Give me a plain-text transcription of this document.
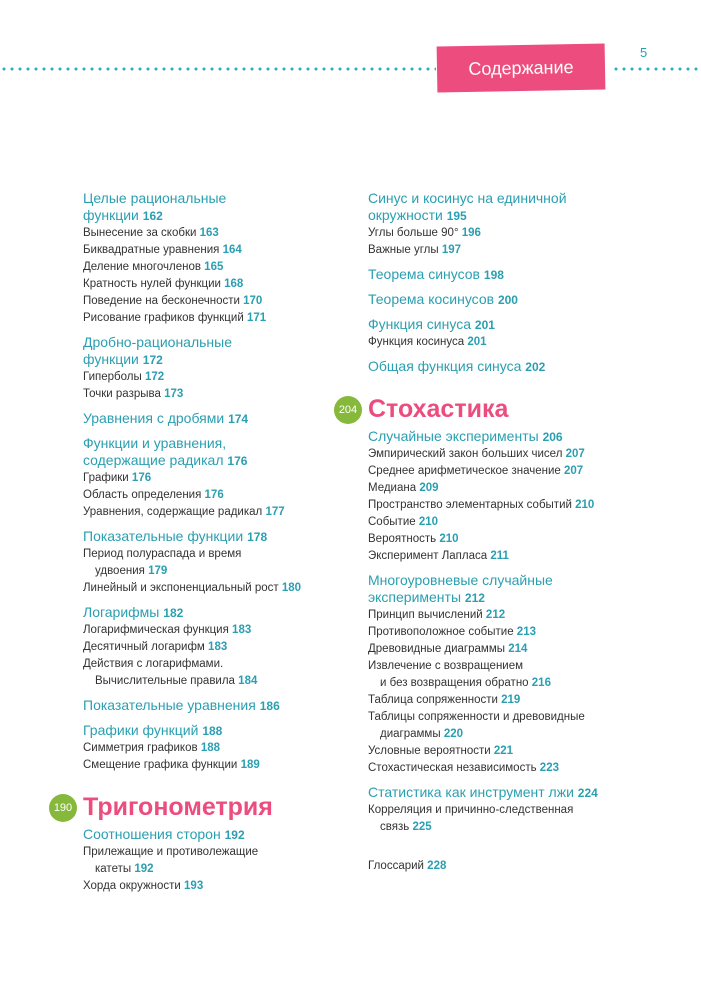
Содержание
5
Целые рациональные
функции 162
Вынесение за скобки 163
Биквадратные уравнения 164
Деление многочленов 165
Кратность нулей функции 168
Поведение на бесконечности 170
Рисование графиков функций 171
Дробно-рациональные
функции 172
Гиперболы 172
Точки разрыва 173
Уравнения с дробями 174
Функции и уравнения,
содержащие радикал 176
Графики 176
Область определения 176
Уравнения, содержащие радикал 177
Показательные функции 178
Период полураспада и время
удвоения 179
Линейный и экспоненциальный рост 180
Логарифмы 182
Логарифмическая функция 183
Десятичный логарифм 183
Действия с логарифмами.
Вычислительные правила 184
Показательные уравнения 186
Графики функций 188
Симметрия графиков 188
Смещение графика функции 189
190 Тригонометрия
Соотношения сторон 192
Прилежащие и противолежащие
катеты 192
Хорда окружности 193
Синус и косинус на единичной
окружности 195
Углы больше 90° 196
Важные углы 197
Теорема синусов 198
Теорема косинусов 200
Функция синуса 201
Функция косинуса 201
Общая функция синуса 202
204 Стохастика
Случайные эксперименты 206
Эмпирический закон больших чисел 207
Среднее арифметическое значение 207
Медиана 209
Пространство элементарных событий 210
Событие 210
Вероятность 210
Эксперимент Лапласа 211
Многоуровневые случайные
эксперименты 212
Принцип вычислений 212
Противоположное событие 213
Древовидные диаграммы 214
Извлечение с возвращением
и без возвращения обратно 216
Таблица сопряженности 219
Таблицы сопряженности и древовидные
диаграммы 220
Условные вероятности 221
Стохастическая независимость 223
Статистика как инструмент лжи 224
Корреляция и причинно-следственная
связь 225
Глоссарий 228
